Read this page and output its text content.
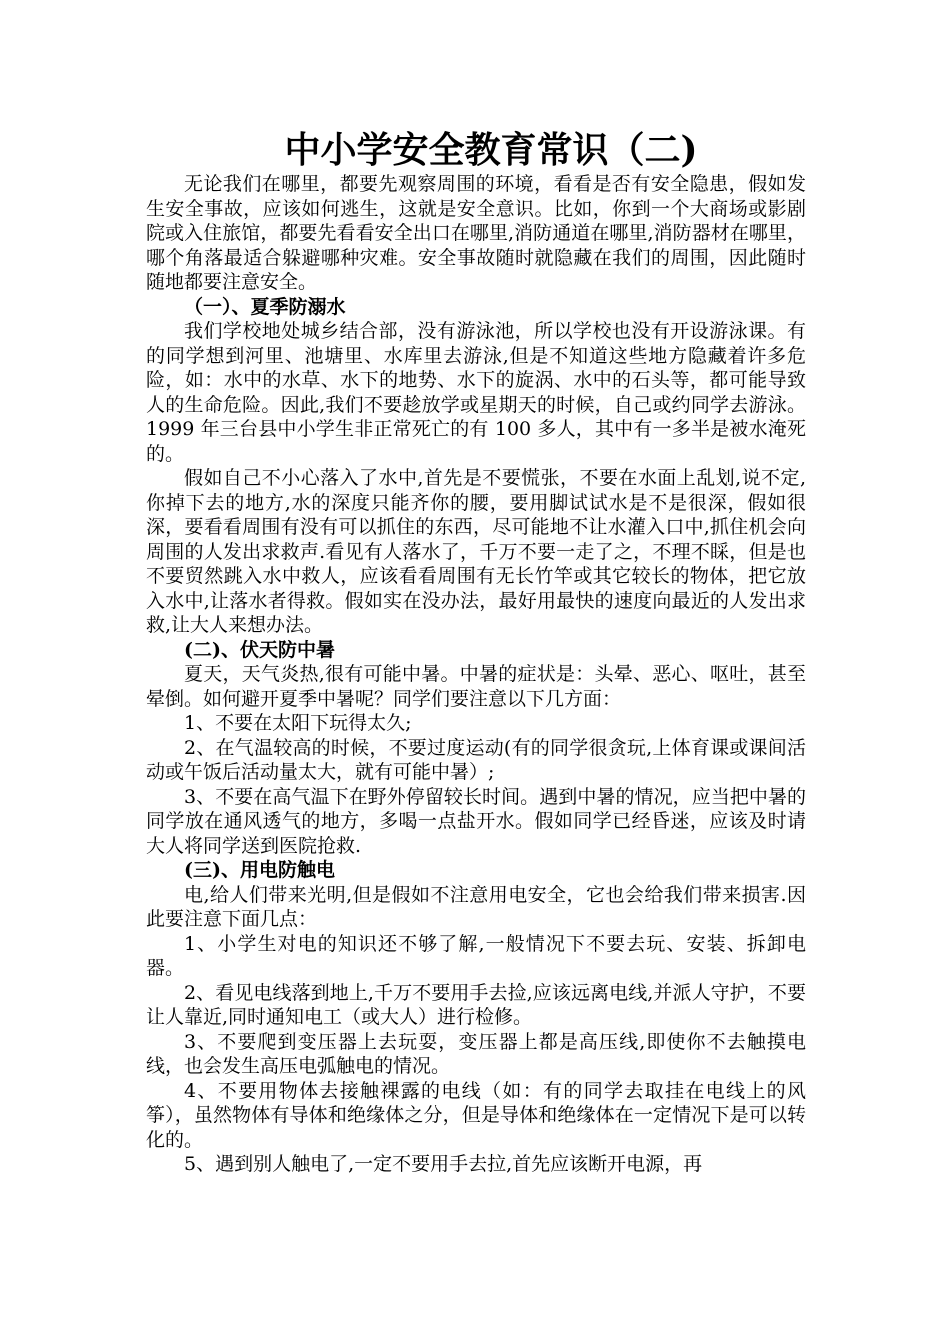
中小学安全教育常识（二)

无论我们在哪里，都要先观察周围的环境，看看是否有安全隐患，假如发生安全事故，应该如何逃生，这就是安全意识。比如，你到一个大商场或影剧院或入住旅馆，都要先看看安全出口在哪里,消防通道在哪里,消防器材在哪里，哪个角落最适合躲避哪种灾难。安全事故随时就隐藏在我们的周围，因此随时随地都要注意安全。

（一）、夏季防溺水

我们学校地处城乡结合部，没有游泳池，所以学校也没有开设游泳课。有的同学想到河里、池塘里、水库里去游泳,但是不知道这些地方隐藏着许多危险，如：水中的水草、水下的地势、水下的旋涡、水中的石头等，都可能导致人的生命危险。因此,我们不要趁放学或星期天的时候，自己或约同学去游泳。1999 年三台县中小学生非正常死亡的有 100 多人，其中有一多半是被水淹死的。

假如自己不小心落入了水中,首先是不要慌张，不要在水面上乱划,说不定,你掉下去的地方,水的深度只能齐你的腰，要用脚试试水是不是很深，假如很深，要看看周围有没有可以抓住的东西，尽可能地不让水灌入口中,抓住机会向周围的人发出求救声.看见有人落水了，千万不要一走了之，不理不睬，但是也不要贸然跳入水中救人，应该看看周围有无长竹竿或其它较长的物体，把它放入水中,让落水者得救。假如实在没办法，最好用最快的速度向最近的人发出求救,让大人来想办法。

(二)、伏天防中暑

夏天，天气炎热,很有可能中暑。中暑的症状是：头晕、恶心、呕吐，甚至晕倒。如何避开夏季中暑呢？同学们要注意以下几方面：

1、不要在太阳下玩得太久;

2、在气温较高的时候，不要过度运动(有的同学很贪玩,上体育课或课间活动或午饭后活动量太大，就有可能中暑）;

3、不要在高气温下在野外停留较长时间。遇到中暑的情况，应当把中暑的同学放在通风透气的地方，多喝一点盐开水。假如同学已经昏迷，应该及时请大人将同学送到医院抢救.

(三)、用电防触电

电,给人们带来光明,但是假如不注意用电安全，它也会给我们带来损害.因此要注意下面几点：

1、小学生对电的知识还不够了解,一般情况下不要去玩、安装、拆卸电器。

2、看见电线落到地上,千万不要用手去捡,应该远离电线,并派人守护，不要让人靠近,同时通知电工（或大人）进行检修。

3、不要爬到变压器上去玩耍，变压器上都是高压线,即使你不去触摸电线，也会发生高压电弧触电的情况。

4、不要用物体去接触裸露的电线（如：有的同学去取挂在电线上的风筝），虽然物体有导体和绝缘体之分，但是导体和绝缘体在一定情况下是可以转化的。

5、遇到别人触电了,一定不要用手去拉,首先应该断开电源，再
